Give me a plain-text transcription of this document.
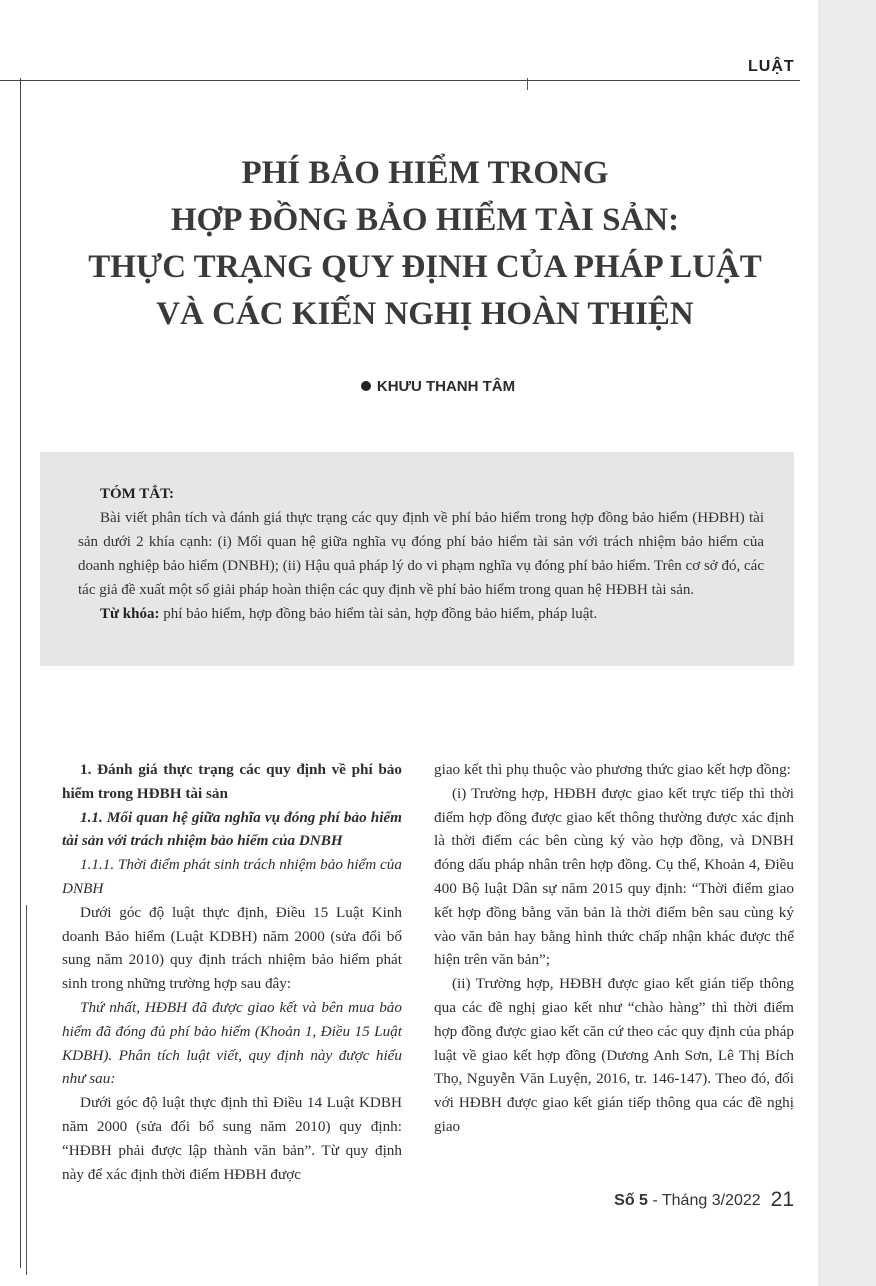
LUẬT
PHÍ BẢO HIỂM TRONG
HỢP ĐỒNG BẢO HIỂM TÀI SẢN:
THỰC TRẠNG QUY ĐỊNH CỦA PHÁP LUẬT
VÀ CÁC KIẾN NGHỊ HOÀN THIỆN
KHƯU THANH TÂM
TÓM TẮT:
Bài viết phân tích và đánh giá thực trạng các quy định về phí bảo hiểm trong hợp đồng bảo hiểm (HĐBH) tài sản dưới 2 khía cạnh: (i) Mối quan hệ giữa nghĩa vụ đóng phí bảo hiểm tài sản với trách nhiệm bảo hiểm của doanh nghiệp bảo hiểm (DNBH); (ii) Hậu quả pháp lý do vi phạm nghĩa vụ đóng phí bảo hiểm. Trên cơ sở đó, các tác giả đề xuất một số giải pháp hoàn thiện các quy định về phí bảo hiểm trong quan hệ HĐBH tài sản.
Từ khóa: phí bảo hiểm, hợp đồng bảo hiểm tài sản, hợp đồng bảo hiểm, pháp luật.

1. Đánh giá thực trạng các quy định về phí bảo hiểm trong HĐBH tài sản

1.1. Mối quan hệ giữa nghĩa vụ đóng phí bảo hiểm tài sản với trách nhiệm bảo hiểm của DNBH

1.1.1. Thời điểm phát sinh trách nhiệm bảo hiểm của DNBH

Dưới góc độ luật thực định, Điều 15 Luật Kinh doanh Bảo hiểm (Luật KDBH) năm 2000 (sửa đổi bổ sung năm 2010) quy định trách nhiệm bảo hiểm phát sinh trong những trường hợp sau đây:

Thứ nhất, HĐBH đã được giao kết và bên mua bảo hiểm đã đóng đủ phí bảo hiểm (Khoản 1, Điều 15 Luật KDBH). Phân tích luật viết, quy định này được hiểu như sau:

Dưới góc độ luật thực định thì Điều 14 Luật KDBH năm 2000 (sửa đổi bổ sung năm 2010) quy định: “HĐBH phải được lập thành văn bản”. Từ quy định này để xác định thời điểm HĐBH được

giao kết thì phụ thuộc vào phương thức giao kết hợp đồng:

(i) Trường hợp, HĐBH được giao kết trực tiếp thì thời điểm hợp đồng được giao kết thông thường được xác định là thời điểm các bên cùng ký vào hợp đồng, và DNBH đóng dấu pháp nhân trên hợp đồng. Cụ thể, Khoản 4, Điều 400 Bộ luật Dân sự năm 2015 quy định: “Thời điểm giao kết hợp đồng bằng văn bản là thời điểm bên sau cùng ký vào văn bản hay bằng hình thức chấp nhận khác được thể hiện trên văn bản”;

(ii) Trường hợp, HĐBH được giao kết gián tiếp thông qua các đề nghị giao kết như “chào hàng” thì thời điểm hợp đồng được giao kết căn cứ theo các quy định của pháp luật về giao kết hợp đồng (Dương Anh Sơn, Lê Thị Bích Thọ, Nguyễn Văn Luyện, 2016, tr. 146-147). Theo đó, đối với HĐBH được giao kết gián tiếp thông qua các đề nghị giao

Số 5 - Tháng 3/2022 21
